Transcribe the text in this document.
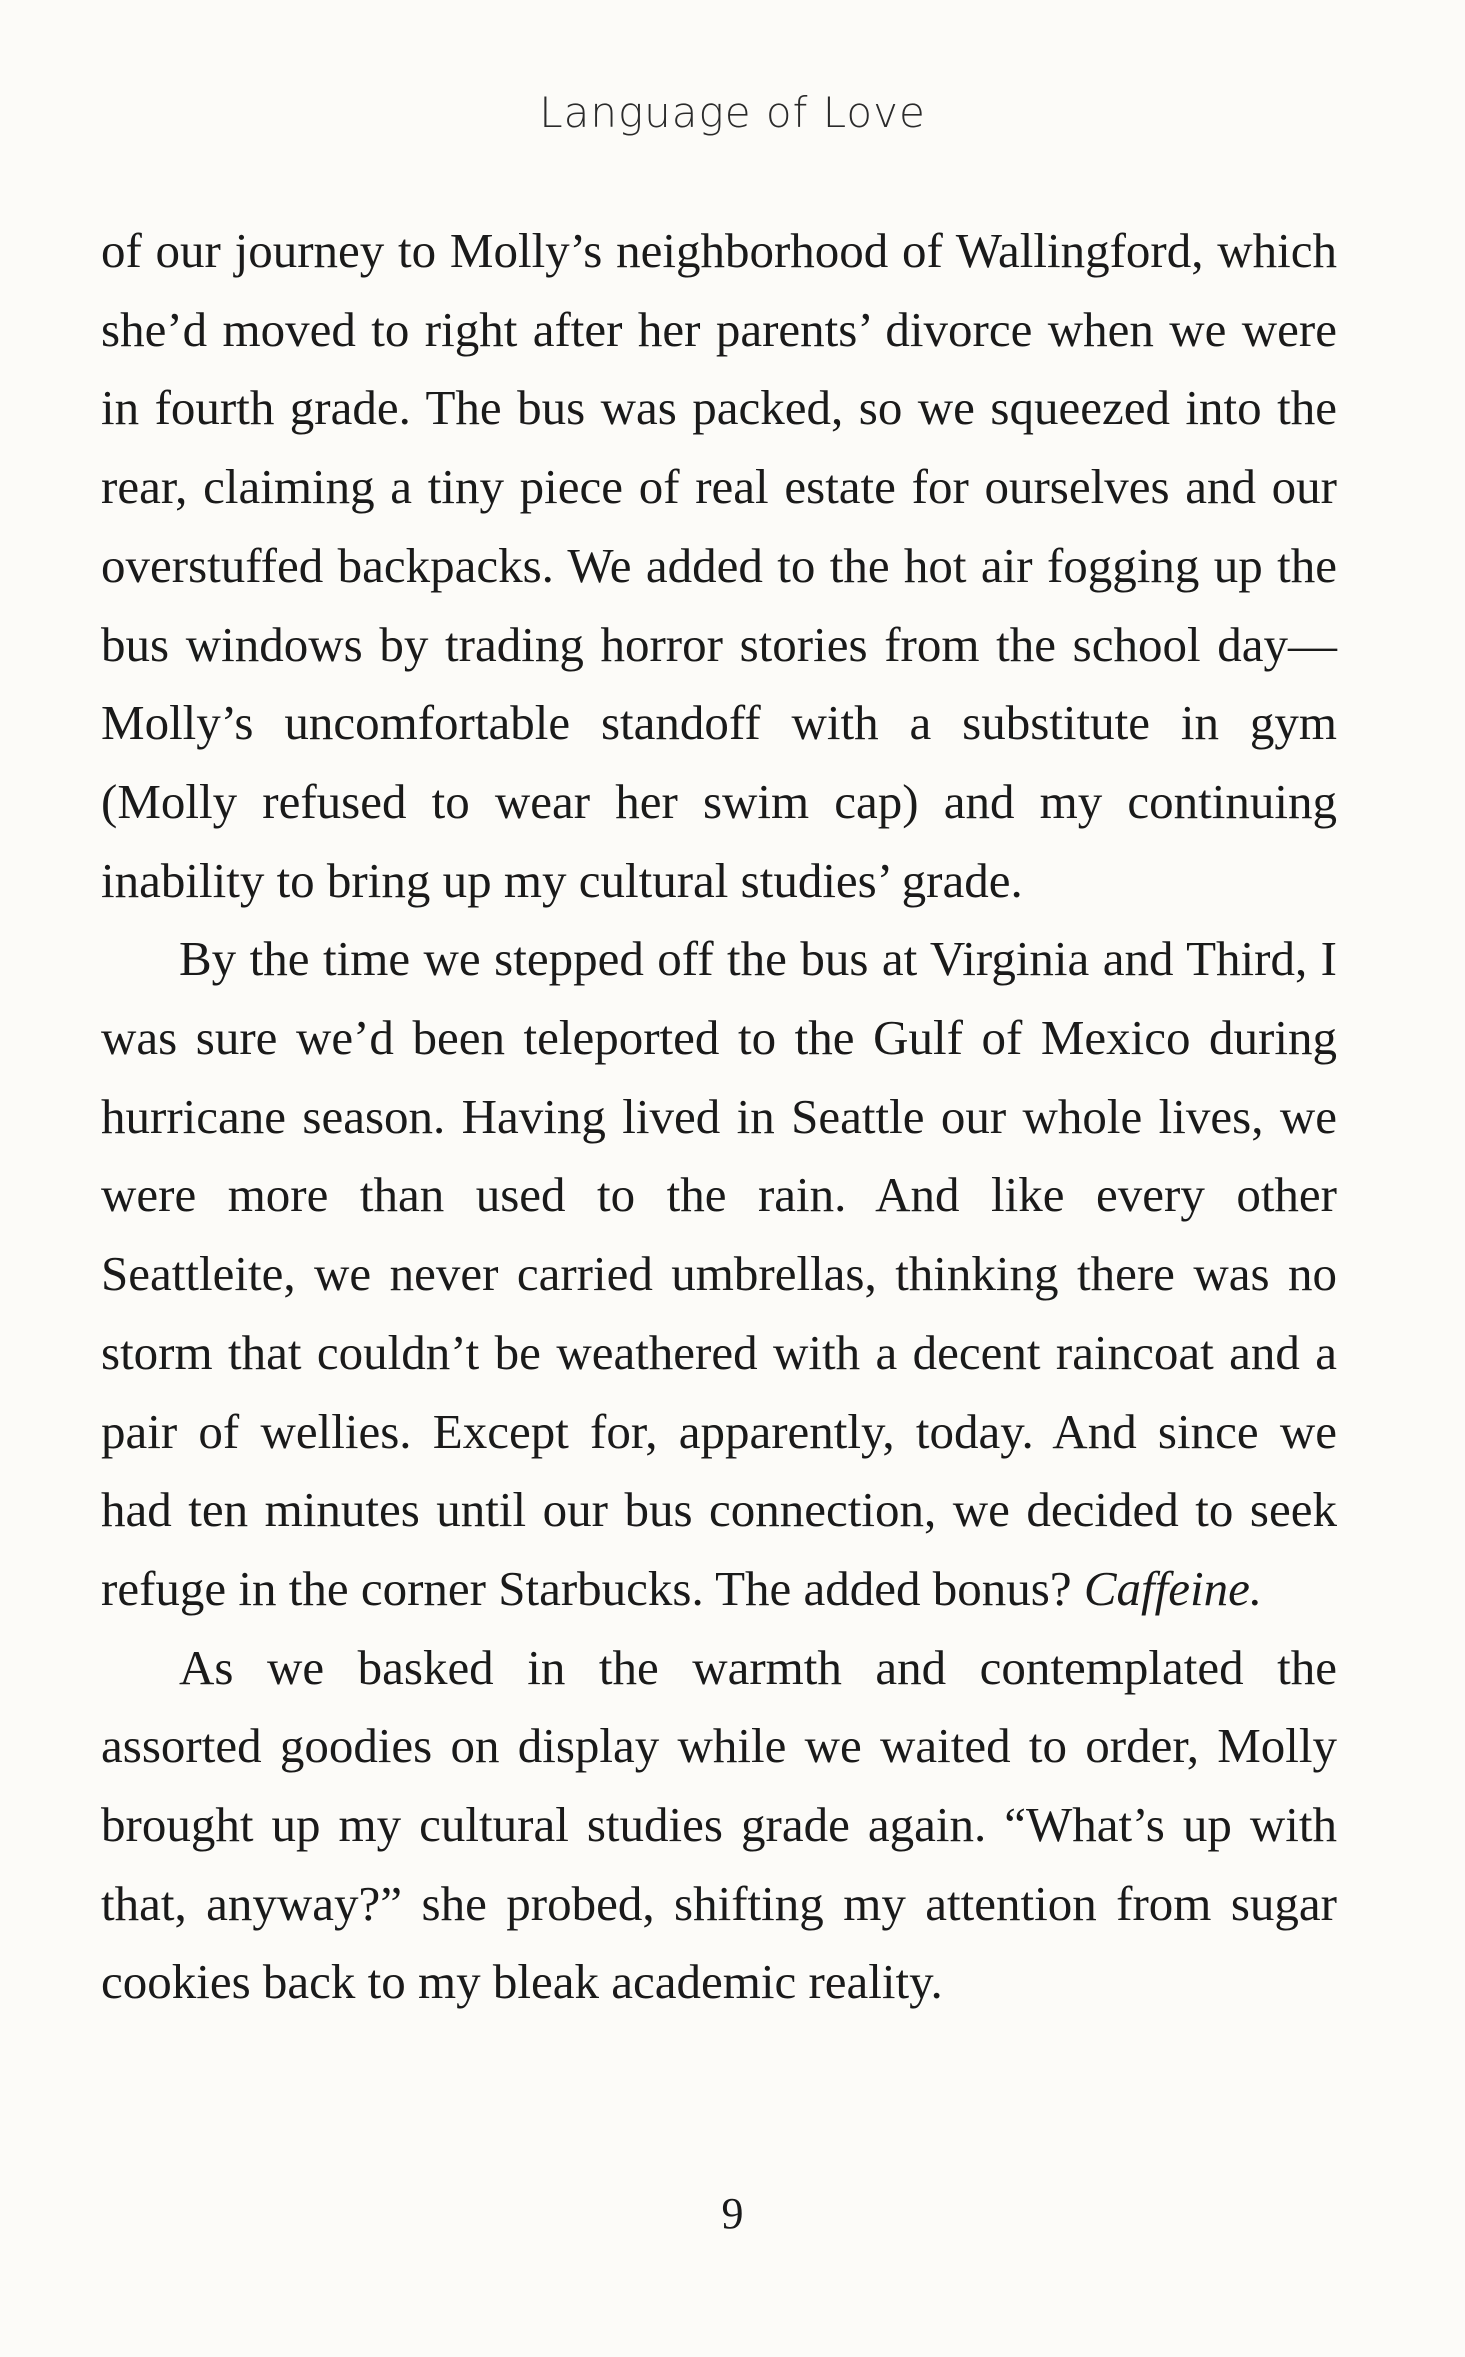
Language of Love

of our journey to Molly’s neighborhood of Wallingford, which she’d moved to right after her parents’ divorce when we were in fourth grade. The bus was packed, so we squeezed into the rear, claiming a tiny piece of real estate for ourselves and our overstuffed backpacks. We added to the hot air fogging up the bus windows by trading horror stories from the school day—Molly’s uncomfortable standoff with a substitute in gym (Molly refused to wear her swim cap) and my continuing inability to bring up my cultural studies’ grade.

By the time we stepped off the bus at Virginia and Third, I was sure we’d been teleported to the Gulf of Mexico during hurricane season. Having lived in Seattle our whole lives, we were more than used to the rain. And like every other Seattleite, we never carried umbrellas, thinking there was no storm that couldn’t be weathered with a decent raincoat and a pair of wellies. Except for, apparently, today. And since we had ten minutes until our bus connection, we decided to seek refuge in the corner Starbucks. The added bonus? Caffeine.

As we basked in the warmth and contemplated the assorted goodies on display while we waited to order, Molly brought up my cultural studies grade again. “What’s up with that, anyway?” she probed, shifting my attention from sugar cookies back to my bleak academic reality.

9
